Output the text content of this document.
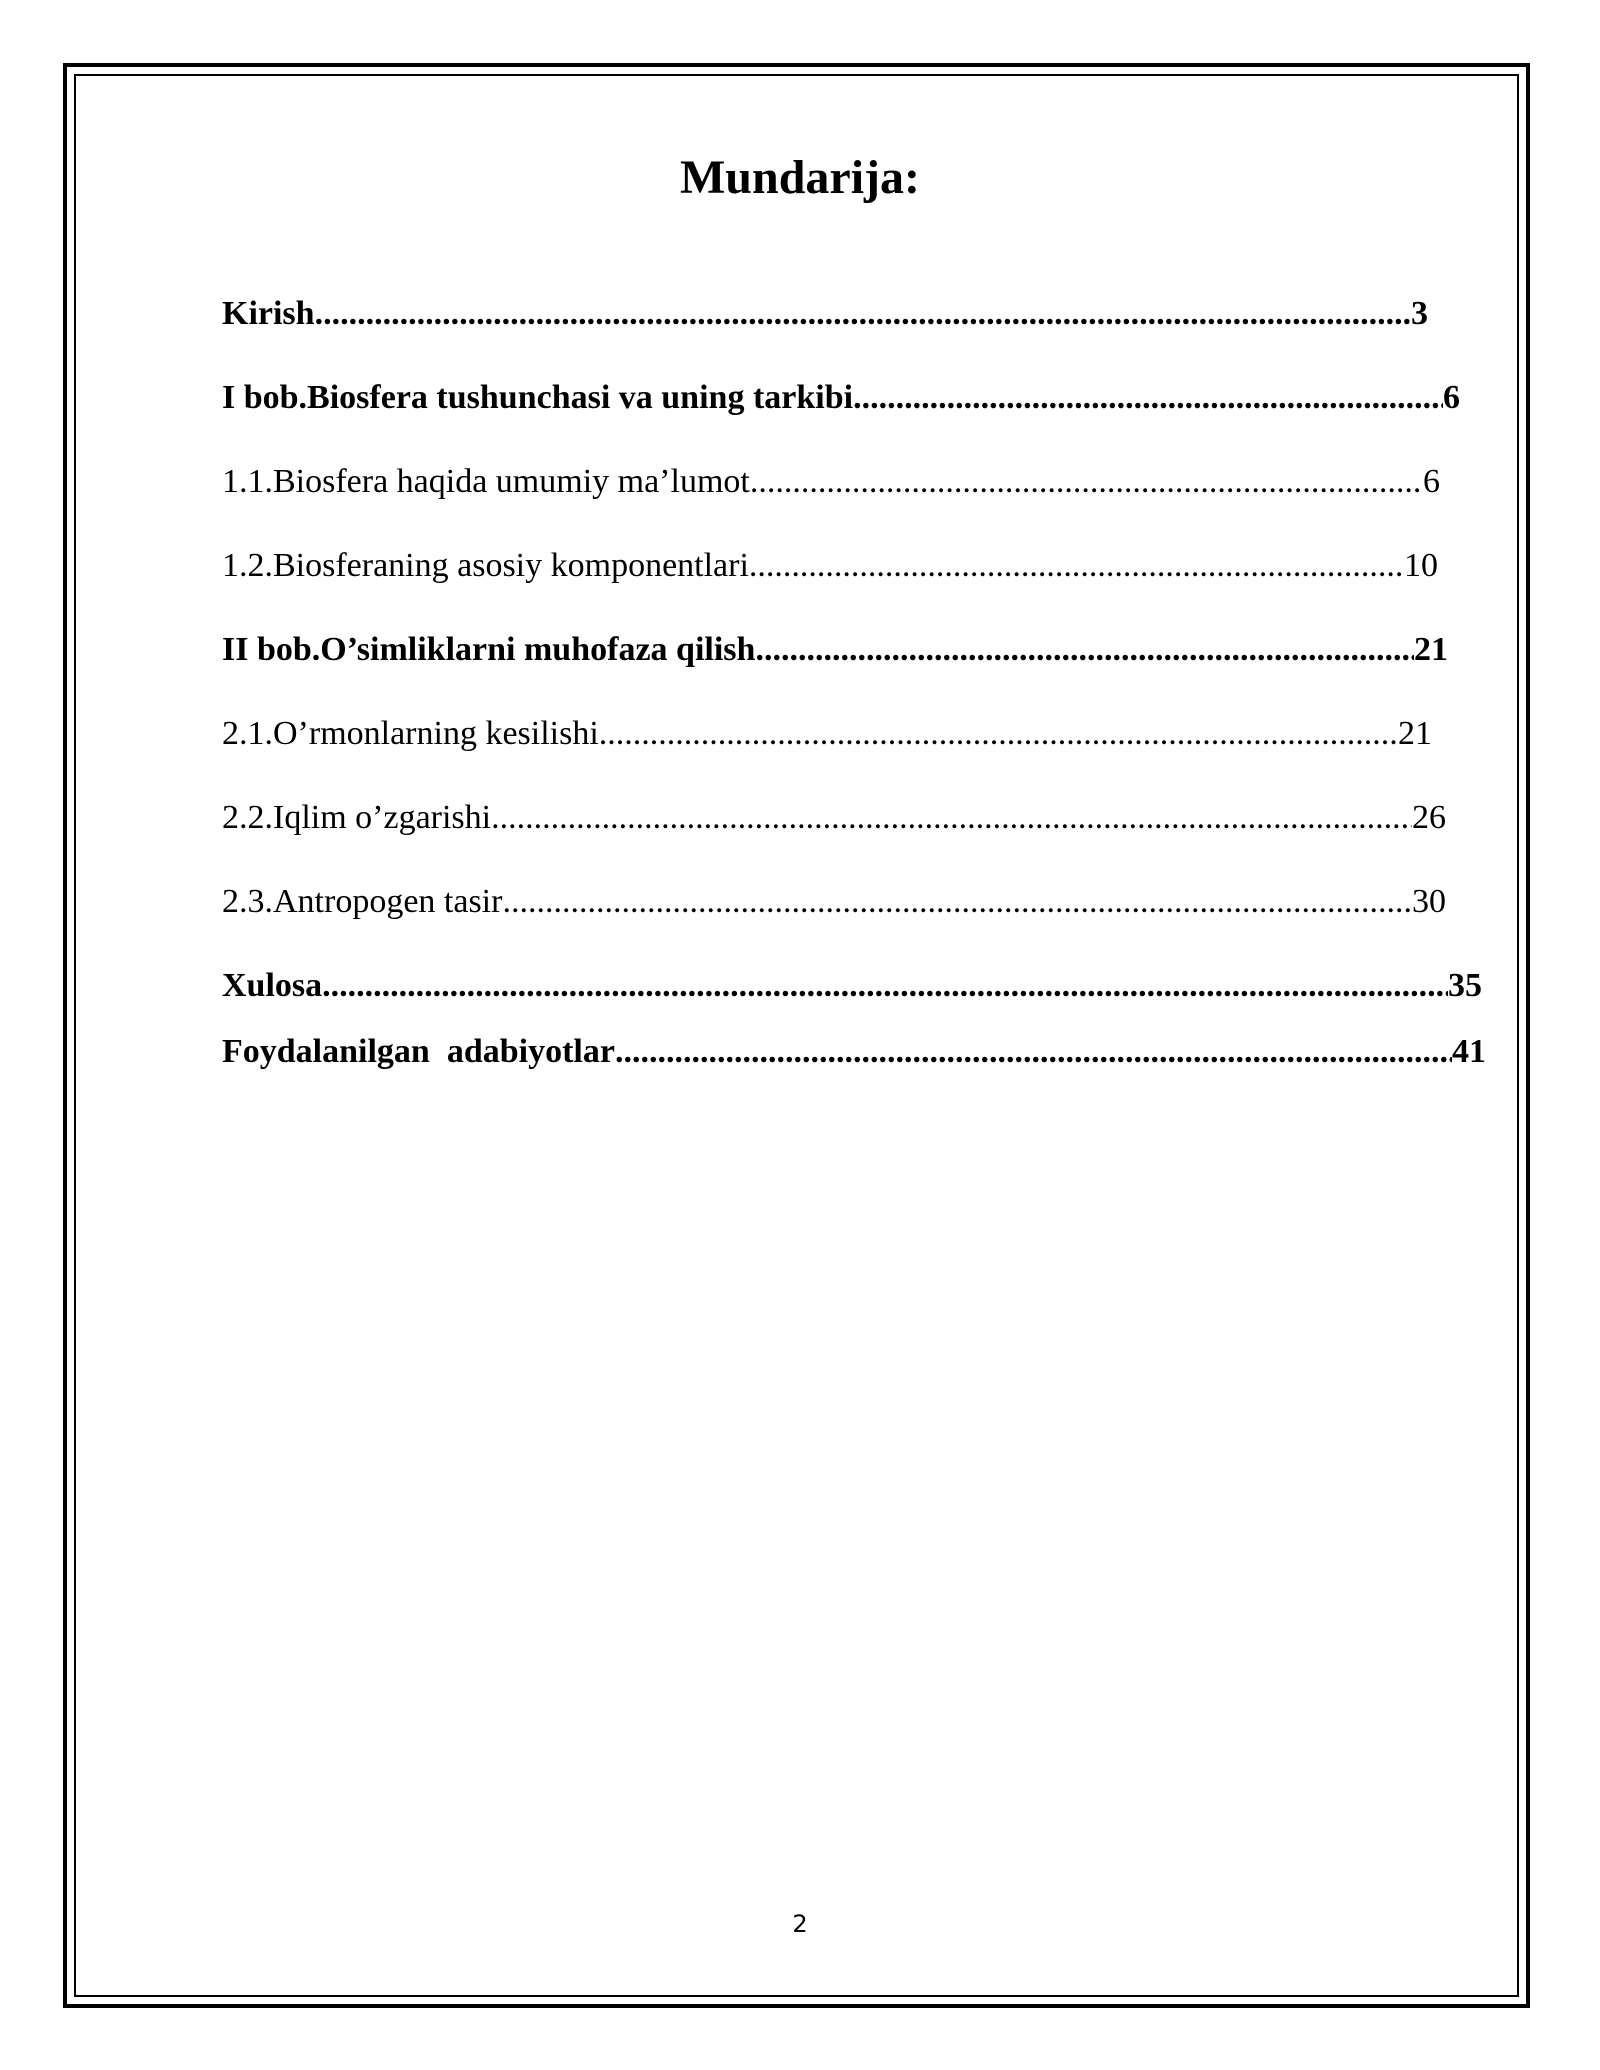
Mundarija:
Kirish .....	3
I bob.Biosfera tushunchasi va uning tarkibi .....	6
1.1.Biosfera haqida umumiy ma’lumot .....	6
1.2.Biosferaning asosiy komponentlari .....	10
II bob.O’simliklarni muhofaza qilish .....	21
2.1.O’rmonlarning kesilishi .....	21
2.2.Iqlim o’zgarishi .....	26
2.3.Antropogen tasir .....	30
Xulosa .....	35
Foydalanilgan  adabiyotlar .....	41
2
